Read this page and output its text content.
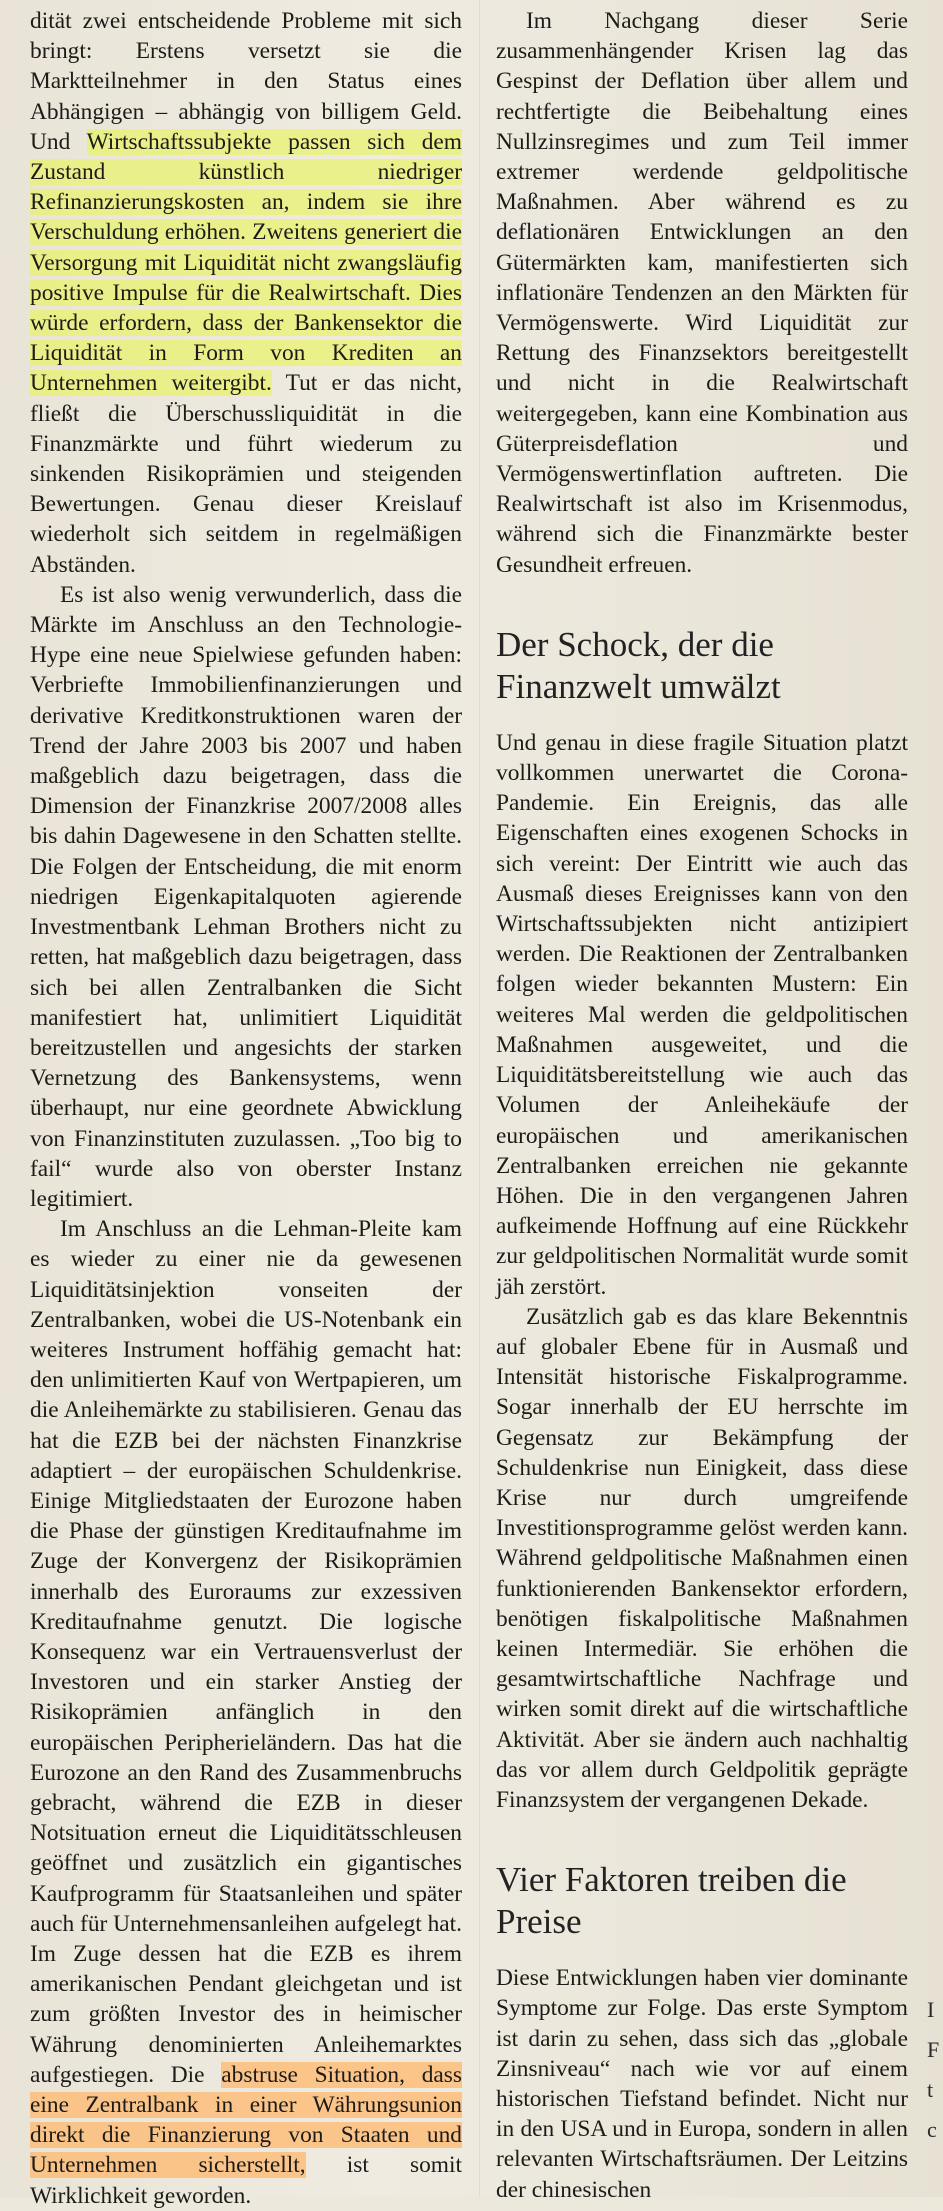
dität zwei entscheidende Probleme mit sich bringt: Erstens versetzt sie die Marktteilnehmer in den Status eines Abhängigen – abhängig von billigem Geld. Und Wirtschaftssubjekte passen sich dem Zustand künstlich niedriger Refinanzierungskosten an, indem sie ihre Verschuldung erhöhen. Zweitens generiert die Versorgung mit Liquidität nicht zwangsläufig positive Impulse für die Realwirtschaft. Dies würde erfordern, dass der Bankensektor die Liquidität in Form von Krediten an Unternehmen weitergibt. Tut er das nicht, fließt die Überschussliquidität in die Finanzmärkte und führt wiederum zu sinkenden Risikoprämien und steigenden Bewertungen. Genau dieser Kreislauf wiederholt sich seitdem in regelmäßigen Abständen.

Es ist also wenig verwunderlich, dass die Märkte im Anschluss an den Technologie-Hype eine neue Spielwiese gefunden haben: Verbriefte Immobilienfinanzierungen und derivative Kreditkonstruktionen waren der Trend der Jahre 2003 bis 2007 und haben maßgeblich dazu beigetragen, dass die Dimension der Finanzkrise 2007/2008 alles bis dahin Dagewesene in den Schatten stellte. Die Folgen der Entscheidung, die mit enorm niedrigen Eigenkapitalquoten agierende Investmentbank Lehman Brothers nicht zu retten, hat maßgeblich dazu beigetragen, dass sich bei allen Zentralbanken die Sicht manifestiert hat, unlimitiert Liquidität bereitzustellen und angesichts der starken Vernetzung des Bankensystems, wenn überhaupt, nur eine geordnete Abwicklung von Finanzinstituten zuzulassen. „Too big to fail“ wurde also von oberster Instanz legitimiert.

Im Anschluss an die Lehman-Pleite kam es wieder zu einer nie da gewesenen Liquiditätsinjektion vonseiten der Zentralbanken, wobei die US-Notenbank ein weiteres Instrument hoffähig gemacht hat: den unlimitierten Kauf von Wertpapieren, um die Anleihemärkte zu stabilisieren. Genau das hat die EZB bei der nächsten Finanzkrise adaptiert – der europäischen Schuldenkrise. Einige Mitgliedstaaten der Eurozone haben die Phase der günstigen Kreditaufnahme im Zuge der Konvergenz der Risikoprämien innerhalb des Euroraums zur exzessiven Kreditaufnahme genutzt. Die logische Konsequenz war ein Vertrauensverlust der Investoren und ein starker Anstieg der Risikoprämien anfänglich in den europäischen Peripherieländern. Das hat die Eurozone an den Rand des Zusammenbruchs gebracht, während die EZB in dieser Notsituation erneut die Liquiditätsschleusen geöffnet und zusätzlich ein gigantisches Kaufprogramm für Staatsanleihen und später auch für Unternehmensanleihen aufgelegt hat. Im Zuge dessen hat die EZB es ihrem amerikanischen Pendant gleichgetan und ist zum größten Investor des in heimischer Währung denominierten Anleihemarktes aufgestiegen. Die abstruse Situation, dass eine Zentralbank in einer Währungsunion direkt die Finanzierung von Staaten und Unternehmen sicherstellt, ist somit Wirklichkeit geworden.

Im Nachgang dieser Serie zusammenhängender Krisen lag das Gespinst der Deflation über allem und rechtfertigte die Beibehaltung eines Nullzinsregimes und zum Teil immer extremer werdende geldpolitische Maßnahmen. Aber während es zu deflationären Entwicklungen an den Gütermärkten kam, manifestierten sich inflationäre Tendenzen an den Märkten für Vermögenswerte. Wird Liquidität zur Rettung des Finanzsektors bereitgestellt und nicht in die Realwirtschaft weitergegeben, kann eine Kombination aus Güterpreisdeflation und Vermögenswertinflation auftreten. Die Realwirtschaft ist also im Krisenmodus, während sich die Finanzmärkte bester Gesundheit erfreuen.

Der Schock, der die Finanzwelt umwälzt

Und genau in diese fragile Situation platzt vollkommen unerwartet die Corona-Pandemie. Ein Ereignis, das alle Eigenschaften eines exogenen Schocks in sich vereint: Der Eintritt wie auch das Ausmaß dieses Ereignisses kann von den Wirtschaftssubjekten nicht antizipiert werden. Die Reaktionen der Zentralbanken folgen wieder bekannten Mustern: Ein weiteres Mal werden die geldpolitischen Maßnahmen ausgeweitet, und die Liquiditätsbereitstellung wie auch das Volumen der Anleihekäufe der europäischen und amerikanischen Zentralbanken erreichen nie gekannte Höhen. Die in den vergangenen Jahren aufkeimende Hoffnung auf eine Rückkehr zur geldpolitischen Normalität wurde somit jäh zerstört.

Zusätzlich gab es das klare Bekenntnis auf globaler Ebene für in Ausmaß und Intensität historische Fiskalprogramme. Sogar innerhalb der EU herrschte im Gegensatz zur Bekämpfung der Schuldenkrise nun Einigkeit, dass diese Krise nur durch umgreifende Investitionsprogramme gelöst werden kann. Während geldpolitische Maßnahmen einen funktionierenden Bankensektor erfordern, benötigen fiskalpolitische Maßnahmen keinen Intermediär. Sie erhöhen die gesamtwirtschaftliche Nachfrage und wirken somit direkt auf die wirtschaftliche Aktivität. Aber sie ändern auch nachhaltig das vor allem durch Geldpolitik geprägte Finanzsystem der vergangenen Dekade.

Vier Faktoren treiben die Preise

Diese Entwicklungen haben vier dominante Symptome zur Folge. Das erste Symptom ist darin zu sehen, dass sich das „globale Zinsniveau“ nach wie vor auf einem historischen Tiefstand befindet. Nicht nur in den USA und in Europa, sondern in allen relevanten Wirtschaftsräumen. Der Leitzins der chinesischen

I
F
t
c
